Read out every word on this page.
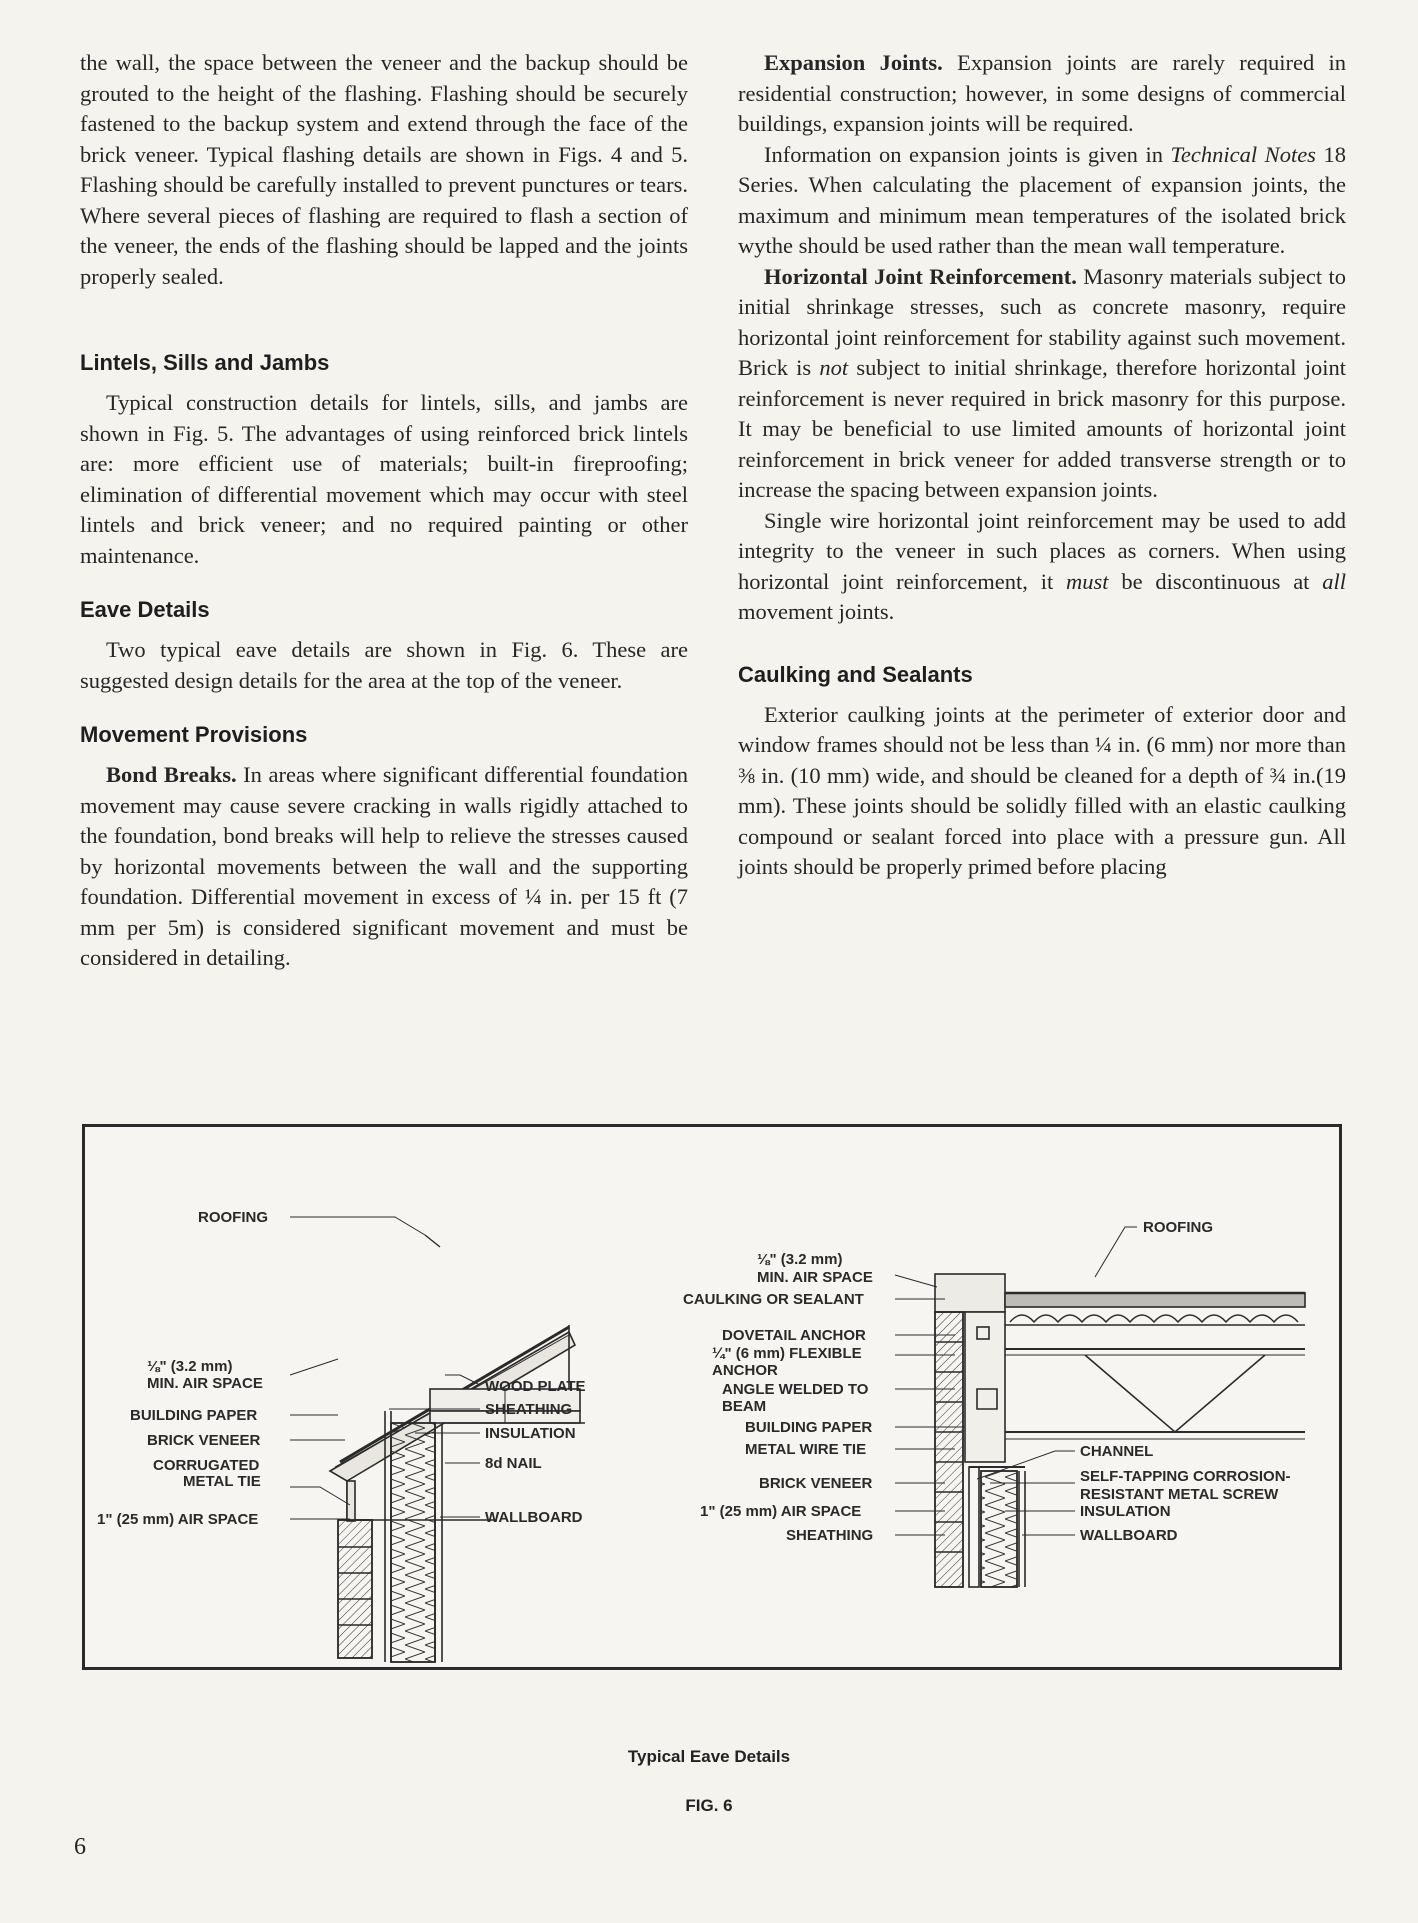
the wall, the space between the veneer and the backup should be grouted to the height of the flashing. Flashing should be securely fastened to the backup system and extend through the face of the brick veneer. Typical flashing details are shown in Figs. 4 and 5. Flashing should be carefully installed to prevent punctures or tears. Where several pieces of flashing are required to flash a section of the veneer, the ends of the flashing should be lapped and the joints properly sealed.

Lintels, Sills and Jambs

Typical construction details for lintels, sills, and jambs are shown in Fig. 5. The advantages of using reinforced brick lintels are: more efficient use of materials; built-in fireproofing; elimination of differential movement which may occur with steel lintels and brick veneer; and no required painting or other maintenance.

Eave Details

Two typical eave details are shown in Fig. 6. These are suggested design details for the area at the top of the veneer.

Movement Provisions

Bond Breaks. In areas where significant differential foundation movement may cause severe cracking in walls rigidly attached to the foundation, bond breaks will help to relieve the stresses caused by horizontal movements between the wall and the supporting foundation. Differential movement in excess of ¼ in. per 15 ft (7 mm per 5m) is considered significant movement and must be considered in detailing.

Expansion Joints. Expansion joints are rarely required in residential construction; however, in some designs of commercial buildings, expansion joints will be required.

Information on expansion joints is given in Technical Notes 18 Series. When calculating the placement of expansion joints, the maximum and minimum mean temperatures of the isolated brick wythe should be used rather than the mean wall temperature.

Horizontal Joint Reinforcement. Masonry materials subject to initial shrinkage stresses, such as concrete masonry, require horizontal joint reinforcement for stability against such movement. Brick is not subject to initial shrinkage, therefore horizontal joint reinforcement is never required in brick masonry for this purpose. It may be beneficial to use limited amounts of horizontal joint reinforcement in brick veneer for added transverse strength or to increase the spacing between expansion joints.

Single wire horizontal joint reinforcement may be used to add integrity to the veneer in such places as corners. When using horizontal joint reinforcement, it must be discontinuous at all movement joints.

Caulking and Sealants

Exterior caulking joints at the perimeter of exterior door and window frames should not be less than ¼ in. (6 mm) nor more than ⅜ in. (10 mm) wide, and should be cleaned for a depth of ¾ in.(19 mm). These joints should be solidly filled with an elastic caulking compound or sealant forced into place with a pressure gun. All joints should be properly primed before placing

ROOFING
⅛" (3.2 mm)
MIN. AIR SPACE
BUILDING PAPER
BRICK VENEER
CORRUGATED
METAL TIE
1" (25 mm) AIR SPACE
WOOD PLATE
SHEATHING
INSULATION
8d NAIL
WALLBOARD
ROOFING
⅛" (3.2 mm)
MIN. AIR SPACE
CAULKING OR SEALANT
DOVETAIL ANCHOR
¼" (6 mm) FLEXIBLE
ANCHOR
ANGLE WELDED TO
BEAM
BUILDING PAPER
METAL WIRE TIE
BRICK VENEER
1" (25 mm) AIR SPACE
SHEATHING
CHANNEL
SELF-TAPPING CORROSION-
RESISTANT METAL SCREW
INSULATION
WALLBOARD
Typical Eave Details
FIG. 6
6
